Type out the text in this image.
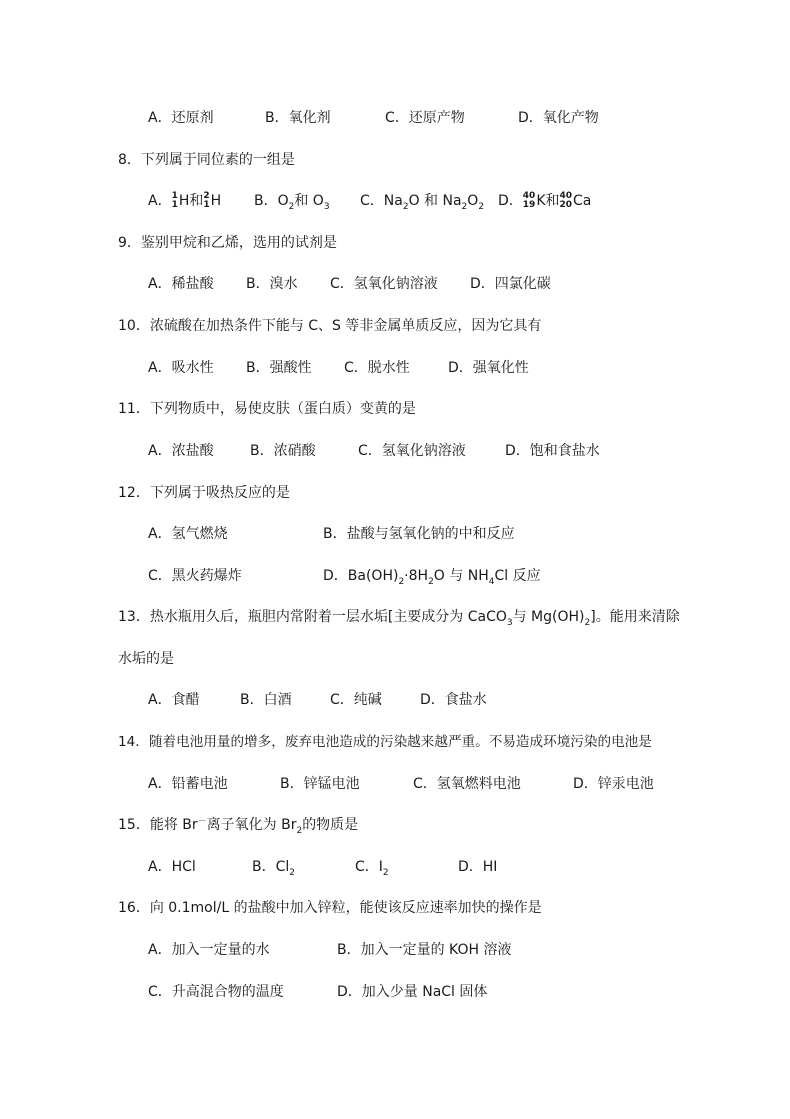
A．还原剂	B．氧化剂	C．还原产物	D．氧化产物
8．下列属于同位素的一组是
A． 1
1 H和 2
1 H B．$O_2$和 $O_3$ C．$Na_2O$ 和 $Na_2O_2$ D． 40
19 K和 40
20 Ca
9．鉴别甲烷和乙烯，选用的试剂是
A．稀盐酸 B．溴水 C．氢氧化钠溶液 D．四氯化碳
10．浓硫酸在加热条件下能与 C、S 等非金属单质反应，因为它具有
A．吸水性 B．强酸性 C．脱水性	D．强氧化性
11．下列物质中，易使皮肤（蛋白质）变黄的是
A．浓盐酸	B．浓硝酸	C．氢氧化钠溶液	D．饱和食盐水
12．下列属于吸热反应的是
A．氢气燃烧	B．盐酸与氢氧化钠的中和反应
C．黑火药爆炸	D．$Ba(OH)_2\cdot 8H_2O$ 与 $NH_4Cl$ 反应
13．热水瓶用久后，瓶胆内常附着一层水垢[主要成分为 CaCO$_3$与 $Mg(OH)_2$]。能用来清除
水垢的是
A．食醋	B．白酒	C．纯碱	D．食盐水
14．随着电池用量的增多，废弃电池造成的污染越来越严重。不易造成环境污染的电池是
A．铅蓄电池	B．锌锰电池	C．氢氧燃料电池	D．锌汞电池
15．能将 Br－离子氧化为 $Br_2$的物质是
A．HCl	B．$Cl_2$	C．$I_2$	D．HI
16．向 0.1mol/L 的盐酸中加入锌粒，能使该反应速率加快的操作是
A．加入一定量的水	B．加入一定量的 KOH 溶液
C．升高混合物的温度	D．加入少量 NaCl 固体
